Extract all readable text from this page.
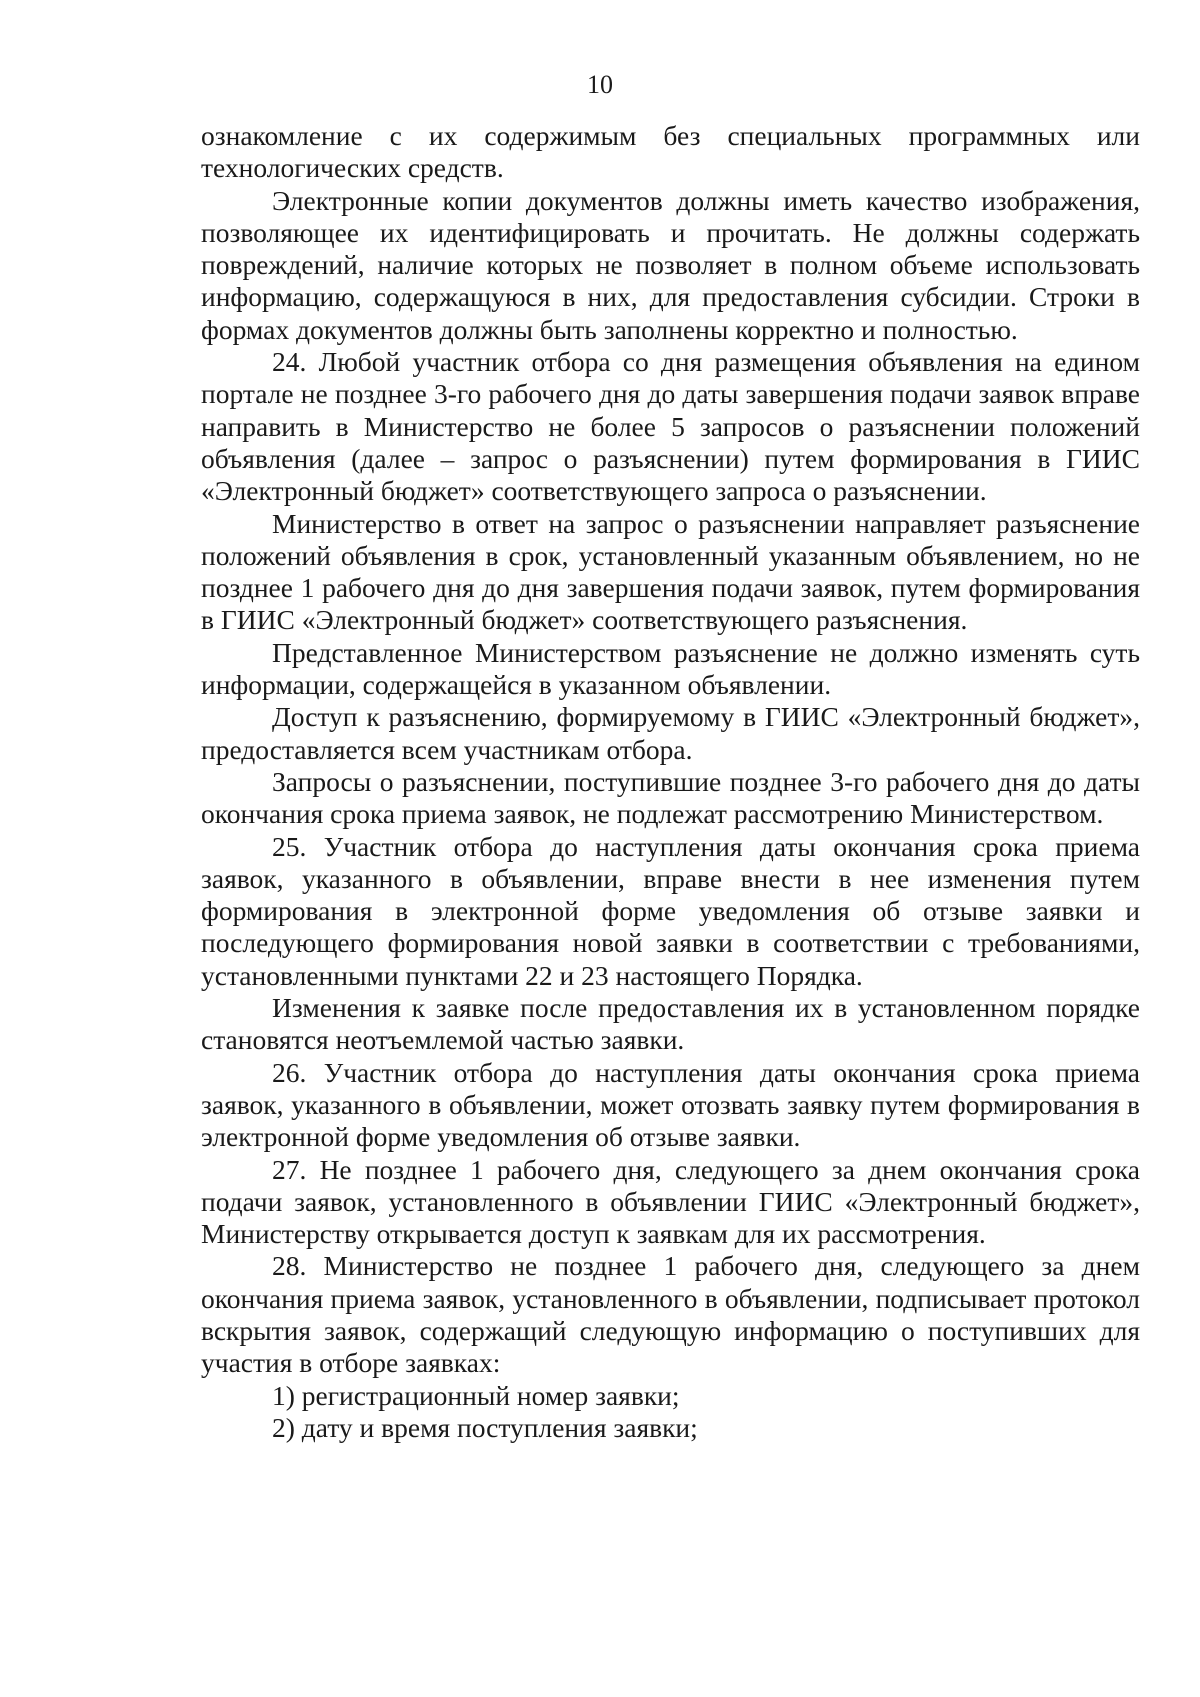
10

ознакомление с их содержимым без специальных программных или технологических средств.

Электронные копии документов должны иметь качество изображения, позволяющее их идентифицировать и прочитать. Не должны содержать повреждений, наличие которых не позволяет в полном объеме использовать информацию, содержащуюся в них, для предоставления субсидии. Строки в формах документов должны быть заполнены корректно и полностью.

24. Любой участник отбора со дня размещения объявления на едином портале не позднее 3-го рабочего дня до даты завершения подачи заявок вправе направить в Министерство не более 5 запросов о разъяснении положений объявления (далее – запрос о разъяснении) путем формирования в ГИИС «Электронный бюджет» соответствующего запроса о разъяснении.

Министерство в ответ на запрос о разъяснении направляет разъяснение положений объявления в срок, установленный указанным объявлением, но не позднее 1 рабочего дня до дня завершения подачи заявок, путем формирования в ГИИС «Электронный бюджет» соответствующего разъяснения.

Представленное Министерством разъяснение не должно изменять суть информации, содержащейся в указанном объявлении.

Доступ к разъяснению, формируемому в ГИИС «Электронный бюджет», предоставляется всем участникам отбора.

Запросы о разъяснении, поступившие позднее 3-го рабочего дня до даты окончания срока приема заявок, не подлежат рассмотрению Министерством.

25. Участник отбора до наступления даты окончания срока приема заявок, указанного в объявлении, вправе внести в нее изменения путем формирования в электронной форме уведомления об отзыве заявки и последующего формирования новой заявки в соответствии с требованиями, установленными пунктами 22 и 23 настоящего Порядка.

Изменения к заявке после предоставления их в установленном порядке становятся неотъемлемой частью заявки.

26. Участник отбора до наступления даты окончания срока приема заявок, указанного в объявлении, может отозвать заявку путем формирования в электронной форме уведомления об отзыве заявки.

27. Не позднее 1 рабочего дня, следующего за днем окончания срока подачи заявок, установленного в объявлении ГИИС «Электронный бюджет», Министерству открывается доступ к заявкам для их рассмотрения.

28. Министерство не позднее 1 рабочего дня, следующего за днем окончания приема заявок, установленного в объявлении, подписывает протокол вскрытия заявок, содержащий следующую информацию о поступивших для участия в отборе заявках:

1) регистрационный номер заявки;

2) дату и время поступления заявки;
